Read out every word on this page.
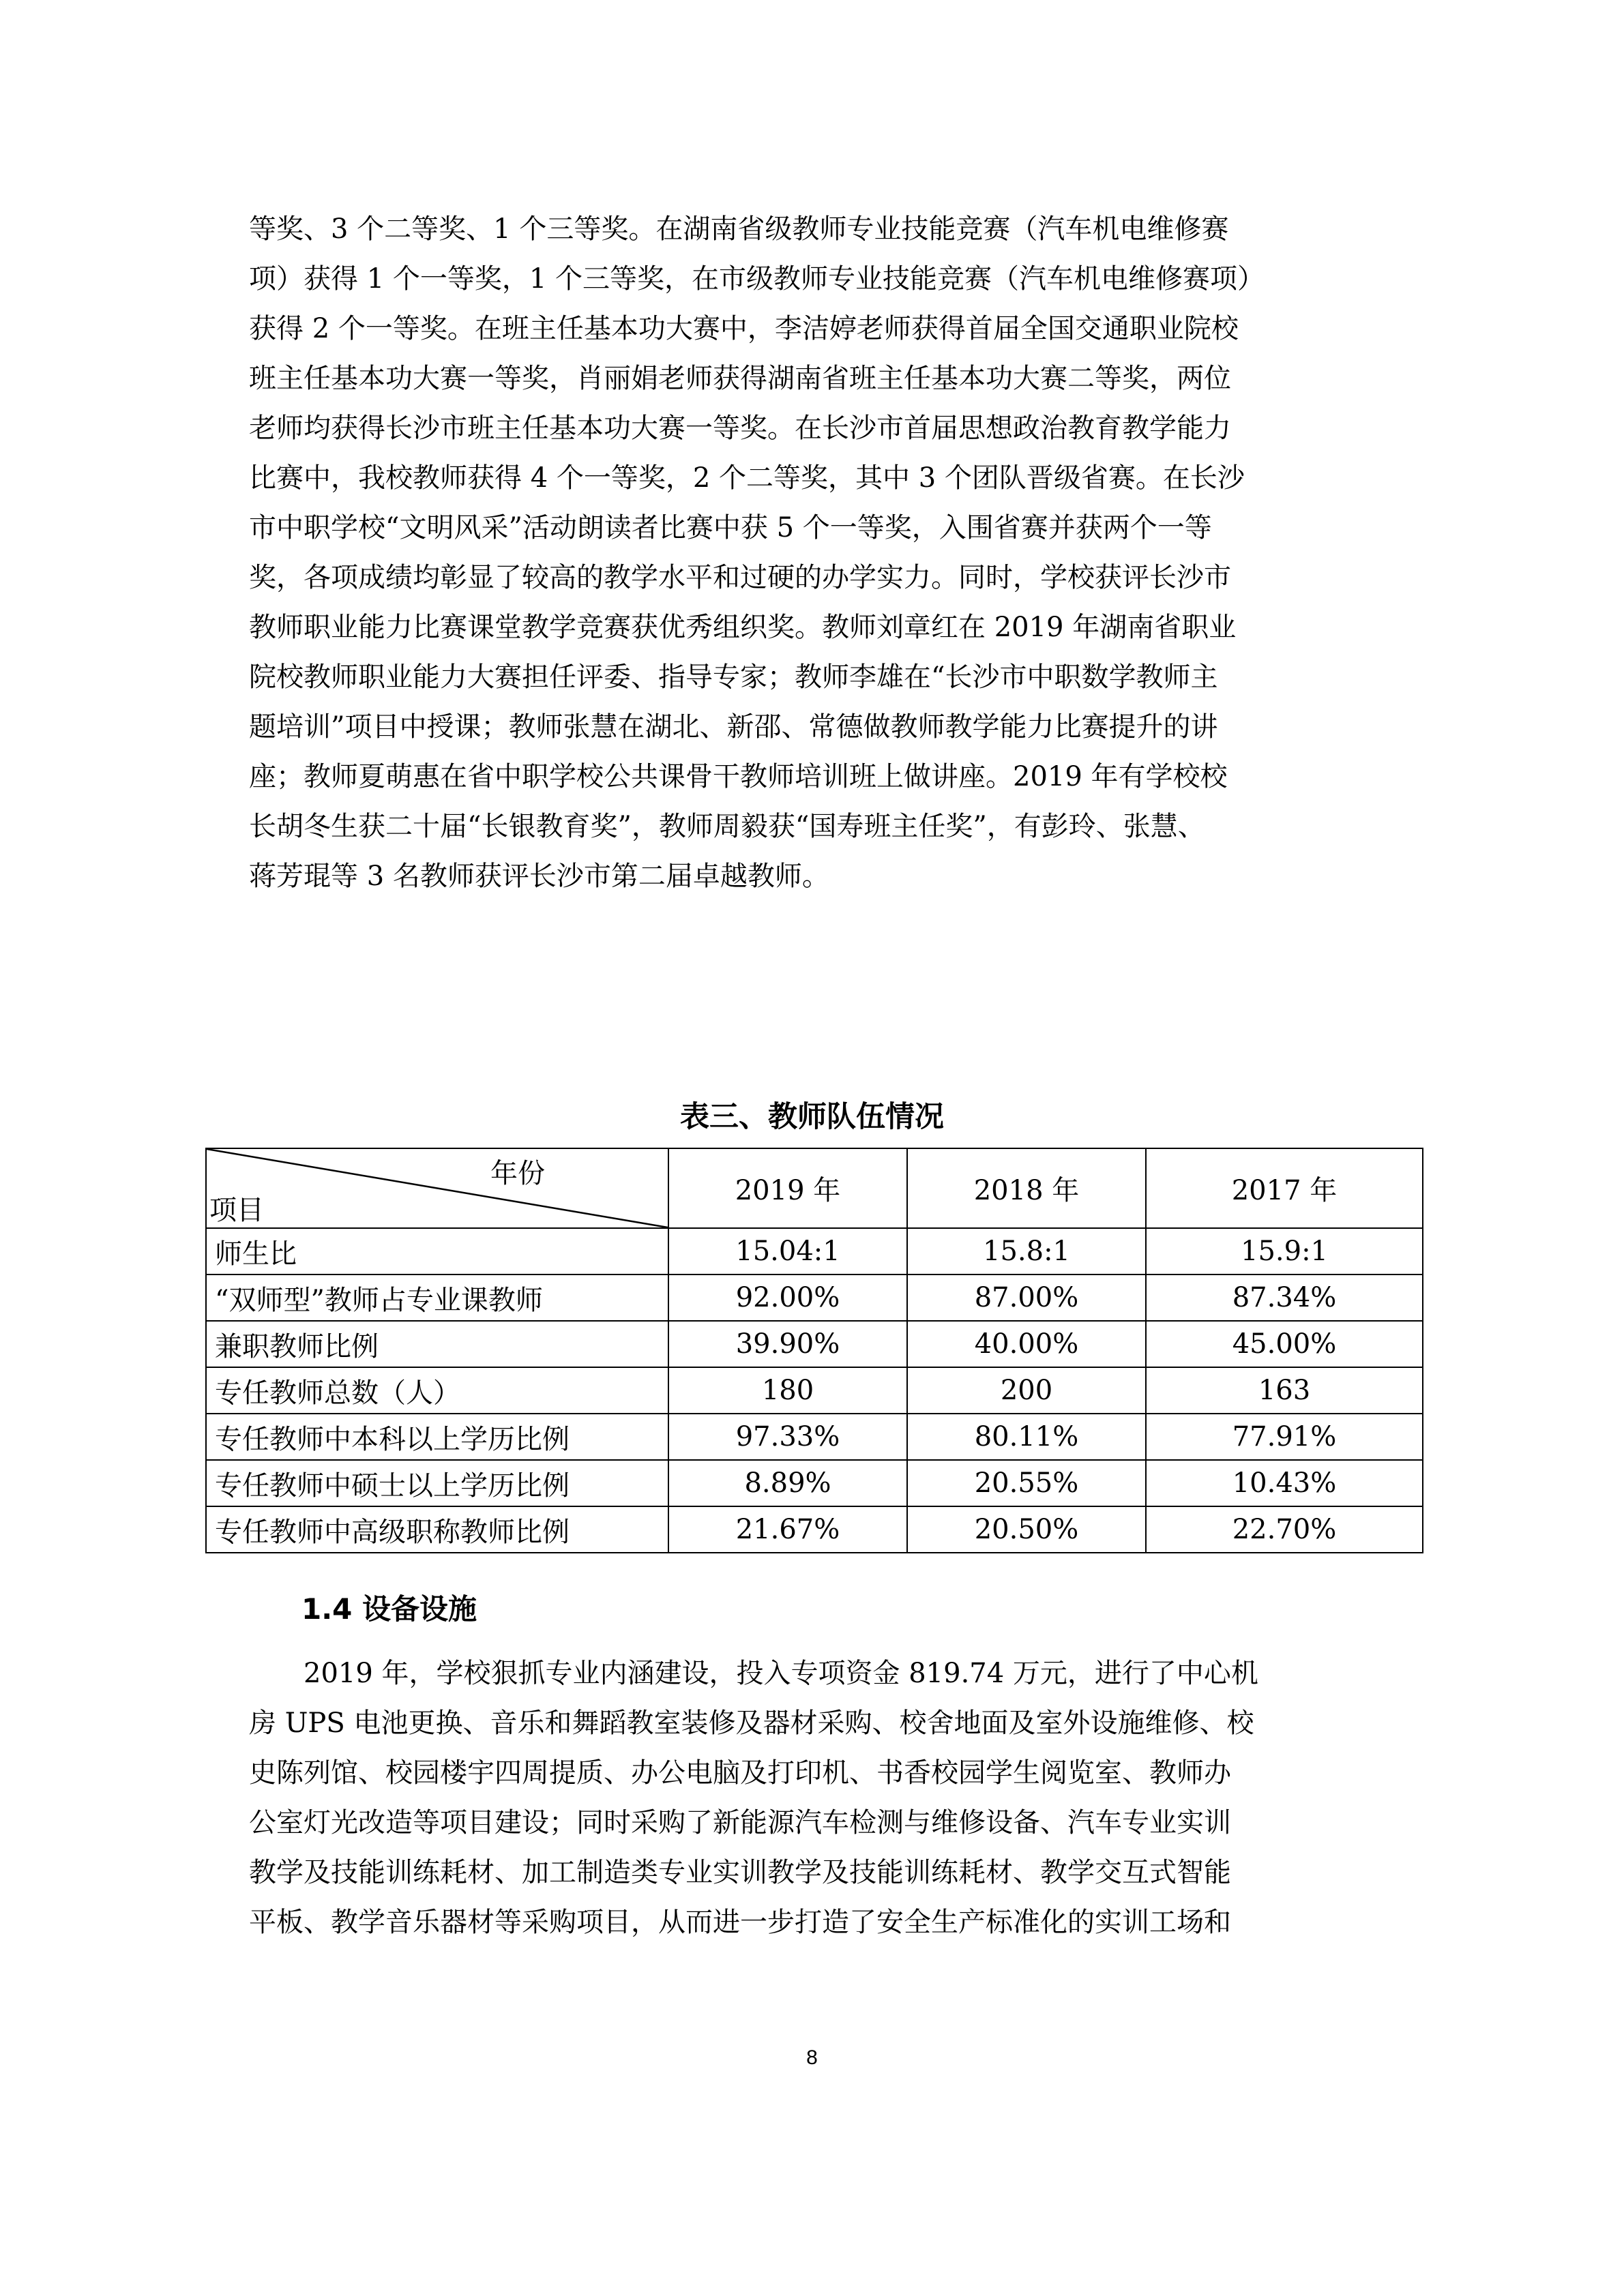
等奖、3 个二等奖、1 个三等奖。在湖南省级教师专业技能竞赛（汽车机电维修赛
项）获得 1 个一等奖，1 个三等奖，在市级教师专业技能竞赛（汽车机电维修赛项）
获得 2 个一等奖。在班主任基本功大赛中，李洁婷老师获得首届全国交通职业院校
班主任基本功大赛一等奖，肖丽娟老师获得湖南省班主任基本功大赛二等奖，两位
老师均获得长沙市班主任基本功大赛一等奖。在长沙市首届思想政治教育教学能力
比赛中，我校教师获得 4 个一等奖，2 个二等奖，其中 3 个团队晋级省赛。在长沙
市中职学校“文明风采”活动朗读者比赛中获 5 个一等奖，入围省赛并获两个一等
奖，各项成绩均彰显了较高的教学水平和过硬的办学实力。同时，学校获评长沙市
教师职业能力比赛课堂教学竞赛获优秀组织奖。教师刘章红在 2019 年湖南省职业
院校教师职业能力大赛担任评委、指导专家；教师李雄在“长沙市中职数学教师主
题培训”项目中授课；教师张慧在湖北、新邵、常德做教师教学能力比赛提升的讲
座；教师夏萌惠在省中职学校公共课骨干教师培训班上做讲座。2019 年有学校校
长胡冬生获二十届“长银教育奖”，教师周毅获“国寿班主任奖”，有彭玲、张慧、
蒋芳琨等 3 名教师获评长沙市第二届卓越教师。
表三、教师队伍情况
年份
项目	2019 年	2018 年	2017 年
师生比	15.04:1	15.8:1	15.9:1
“双师型”教师占专业课教师	92.00%	87.00%	87.34%
兼职教师比例	39.90%	40.00%	45.00%
专任教师总数（人）	180	200	163
专任教师中本科以上学历比例	97.33%	80.11%	77.91%
专任教师中硕士以上学历比例	8.89%	20.55%	10.43%
专任教师中高级职称教师比例	21.67%	20.50%	22.70%
1.4 设备设施
2019 年，学校狠抓专业内涵建设，投入专项资金 819.74 万元，进行了中心机
房 UPS 电池更换、音乐和舞蹈教室装修及器材采购、校舍地面及室外设施维修、校
史陈列馆、校园楼宇四周提质、办公电脑及打印机、书香校园学生阅览室、教师办
公室灯光改造等项目建设；同时采购了新能源汽车检测与维修设备、汽车专业实训
教学及技能训练耗材、加工制造类专业实训教学及技能训练耗材、教学交互式智能
平板、教学音乐器材等采购项目，从而进一步打造了安全生产标准化的实训工场和
8
